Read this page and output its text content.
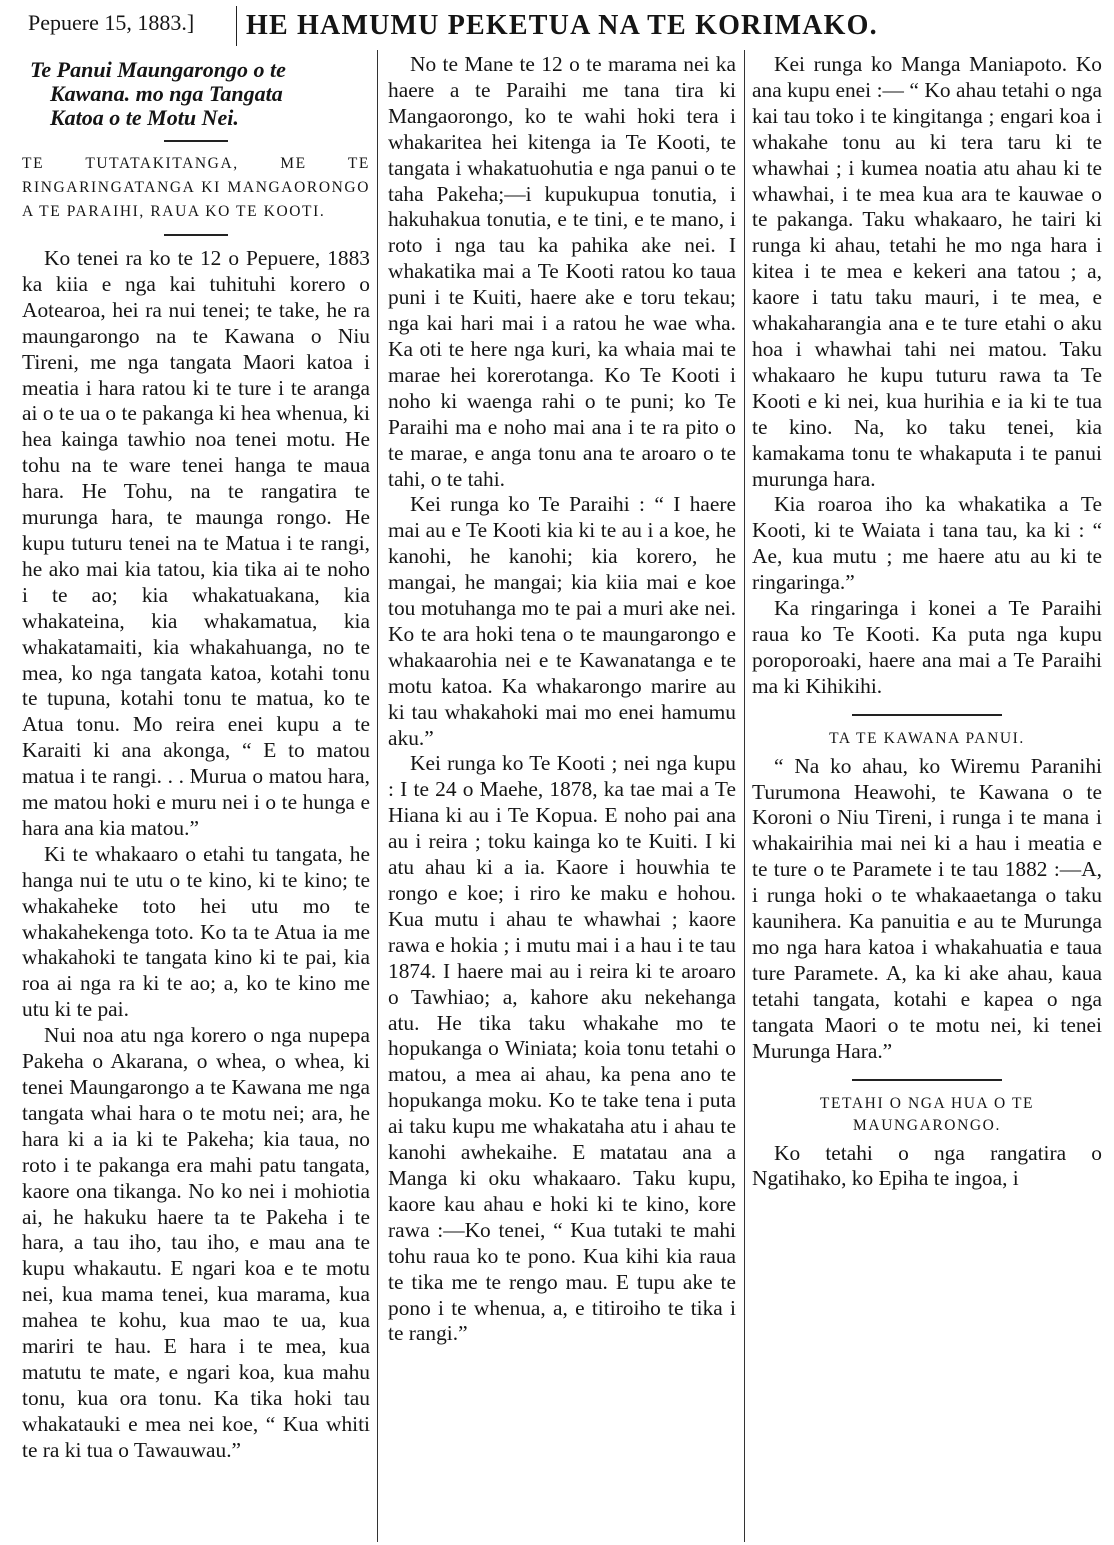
Pepuere 15, 1883.] HE HAMUMU PEKETUA NA TE KORIMAKO.
Te Panui Maungarongo o te
Kawana. mo nga Tangata
Katoa o te Motu Nei.
TE TUTATAKITANGA, ME TE RINGARINGATANGA KI MANGAORONGO A TE PARAIHI, RAUA KO TE KOOTI.

Ko tenei ra ko te 12 o Pepuere, 1883 ka kiia e nga kai tuhituhi korero o Aotearoa, hei ra nui tenei; te take, he ra maungarongo na te Kawana o Niu Tireni, me nga tangata Maori katoa i meatia i hara ratou ki te ture i te aranga ai o te ua o te pakanga ki hea whenua, ki hea kainga tawhio noa tenei motu. He tohu na te ware tenei hanga te maua hara. He Tohu, na te rangatira te murunga hara, te maunga rongo. He kupu tuturu tenei na te Matua i te rangi, he ako mai kia tatou, kia tika ai te noho i te ao; kia whakatuakana, kia whakateina, kia whakamatua, kia whakatamaiti, kia whakahuanga, no te mea, ko nga tangata katoa, kotahi tonu te tupuna, kotahi tonu te matua, ko te Atua tonu. Mo reira enei kupu a te Karaiti ki ana akonga, “ E to matou matua i te rangi. . . Murua o matou hara, me matou hoki e muru nei i o te hunga e hara ana kia matou.”

Ki te whakaaro o etahi tu tangata, he hanga nui te utu o te kino, ki te kino; te whakaheke toto hei utu mo te whakahekenga toto. Ko ta te Atua ia me whakahoki te tangata kino ki te pai, kia roa ai nga ra ki te ao; a, ko te kino me utu ki te pai.

Nui noa atu nga korero o nga nupepa Pakeha o Akarana, o whea, o whea, ki tenei Maungarongo a te Kawana me nga tangata whai hara o te motu nei; ara, he hara ki a ia ki te Pakeha; kia taua, no roto i te pakanga era mahi patu tangata, kaore ona tikanga. No ko nei i mohiotia ai, he hakuku haere ta te Pakeha i te hara, a tau iho, tau iho, e mau ana te kupu whakautu. E ngari koa e te motu nei, kua mama tenei, kua marama, kua mahea te kohu, kua mao te ua, kua mariri te hau. E hara i te mea, kua matutu te mate, e ngari koa, kua mahu tonu, kua ora tonu. Ka tika hoki tau whakatauki e mea nei koe, “ Kua whiti te ra ki tua o Tawauwau.”

No te Mane te 12 o te marama nei ka haere a te Paraihi me tana tira ki Mangaorongo, ko te wahi hoki tera i whakaritea hei kitenga ia Te Kooti, te tangata i whakatuohutia e nga panui o te taha Pakeha;—i kupukupua tonutia, i hakuhakua tonutia, e te tini, e te mano, i roto i nga tau ka pahika ake nei. I whakatika mai a Te Kooti ratou ko taua puni i te Kuiti, haere ake e toru tekau; nga kai hari mai i a ratou he wae wha. Ka oti te here nga kuri, ka whaia mai te marae hei korerotanga. Ko Te Kooti i noho ki waenga rahi o te puni; ko Te Paraihi ma e noho mai ana i te ra pito o te marae, e anga tonu ana te aroaro o te tahi, o te tahi.

Kei runga ko Te Paraihi : “ I haere mai au e Te Kooti kia ki te au i a koe, he kanohi, he kanohi; kia korero, he mangai, he mangai; kia kiia mai e koe tou motuhanga mo te pai a muri ake nei. Ko te ara hoki tena o te maungarongo e whakaarohia nei e te Kawanatanga e te motu katoa. Ka whakarongo marire au ki tau whakahoki mai mo enei hamumu aku.”

Kei runga ko Te Kooti ; nei nga kupu : I te 24 o Maehe, 1878, ka tae mai a Te Hiana ki au i Te Kopua. E noho pai ana au i reira ; toku kainga ko te Kuiti. I ki atu ahau ki a ia. Kaore i houwhia te rongo e koe; i riro ke maku e hohou. Kua mutu i ahau te whawhai ; kaore rawa e hokia ; i mutu mai i a hau i te tau 1874. I haere mai au i reira ki te aroaro o Tawhiao; a, kahore aku nekehanga atu. He tika taku whakahe mo te hopukanga o Winiata; koia tonu tetahi o matou, a mea ai ahau, ka pena ano te hopukanga moku. Ko te take tena i puta ai taku kupu me whakataha atu i ahau te kanohi awhekaihe. E matatau ana a Manga ki oku whakaaro. Taku kupu, kaore kau ahau e hoki ki te kino, kore rawa :—Ko tenei, “ Kua tutaki te mahi tohu raua ko te pono. Kua kihi kia raua te tika me te rengo mau. E tupu ake te pono i te whenua, a, e titiroiho te tika i te rangi.”

Kei runga ko Manga Maniapoto. Ko ana kupu enei :— “ Ko ahau tetahi o nga kai tau toko i te kingitanga ; engari koa i whakahe tonu au ki tera taru ki te whawhai ; i kumea noatia atu ahau ki te whawhai, i te mea kua ara te kauwae o te pakanga. Taku whakaaro, he tairi ki runga ki ahau, tetahi he mo nga hara i kitea i te mea e kekeri ana tatou ; a, kaore i tatu taku mauri, i te mea, e whakaharangia ana e te ture etahi o aku hoa i whawhai tahi nei matou. Taku whakaaro he kupu tuturu rawa ta Te Kooti e ki nei, kua hurihia e ia ki te tua te kino. Na, ko taku tenei, kia kamakama tonu te whakaputa i te panui murunga hara.

Kia roaroa iho ka whakatika a Te Kooti, ki te Waiata i tana tau, ka ki : “ Ae, kua mutu ; me haere atu au ki te ringaringa.”

Ka ringaringa i konei a Te Paraihi raua ko Te Kooti. Ka puta nga kupu poroporoaki, haere ana mai a Te Paraihi ma ki Kihikihi.

TA TE KAWANA PANUI.

“ Na ko ahau, ko Wiremu Paranihi Turumona Heawohi, te Kawana o te Koroni o Niu Tireni, i runga i te mana i whakairihia mai nei ki a hau i meatia e te ture o te Paramete i te tau 1882 :—A, i runga hoki o te whakaaetanga o taku kaunihera. Ka panuitia e au te Murunga mo nga hara katoa i whakahuatia e taua ture Paramete. A, ka ki ake ahau, kaua tetahi tangata, kotahi e kapea o nga tangata Maori o te motu nei, ki tenei Murunga Hara.”

TETAHI O NGA HUA O TE
MAUNGARONGO.

Ko tetahi o nga rangatira o Ngatihako, ko Epiha te ingoa, i
